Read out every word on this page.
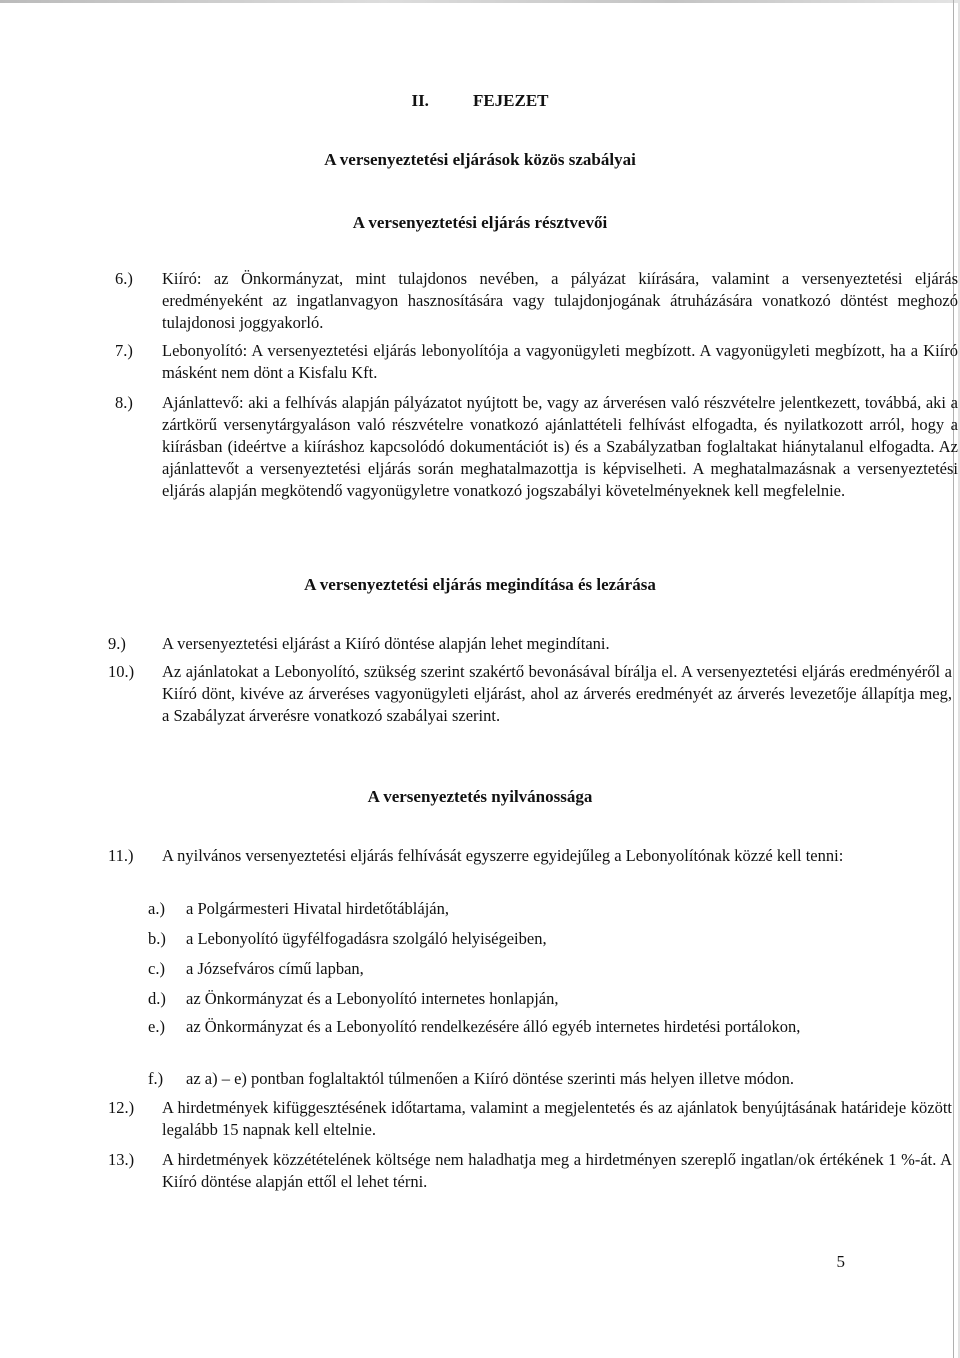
II.	FEJEZET
A versenyeztetési eljárások közös szabályai
A versenyeztetési eljárás résztvevői
6.) Kiíró: az Önkormányzat, mint tulajdonos nevében, a pályázat kiírására, valamint a versenyeztetési eljárás eredményeként az ingatlanvagyon hasznosítására vagy tulajdonjogának átruházására vonatkozó döntést meghozó tulajdonosi joggyakorló.
7.) Lebonyolító: A versenyeztetési eljárás lebonyolítója a vagyonügyleti megbízott. A vagyonügyleti megbízott, ha a Kiíró másként nem dönt a Kisfalu Kft.
8.) Ajánlattevő: aki a felhívás alapján pályázatot nyújtott be, vagy az árverésen való részvételre jelentkezett, továbbá, aki a zártkörű versenytárgyaláson való részvételre vonatkozó ajánlattételi felhívást elfogadta, és nyilatkozott arról, hogy a kiírásban (ideértve a kiíráshoz kapcsolódó dokumentációt is) és a Szabályzatban foglaltakat hiánytalanul elfogadta. Az ajánlattevőt a versenyeztetési eljárás során meghatalmazottja is képviselheti. A meghatalmazásnak a versenyeztetési eljárás alapján megkötendő vagyonügyletre vonatkozó jogszabályi követelményeknek kell megfelelnie.
A versenyeztetési eljárás megindítása és lezárása
9.) A versenyeztetési eljárást a Kiíró döntése alapján lehet megindítani.
10.) Az ajánlatokat a Lebonyolító, szükség szerint szakértő bevonásával bírálja el. A versenyeztetési eljárás eredményéről a Kiíró dönt, kivéve az árveréses vagyonügyleti eljárást, ahol az árverés eredményét az árverés levezetője állapítja meg, a Szabályzat árverésre vonatkozó szabályai szerint.
A versenyeztetés nyilvánossága
11.) A nyilvános versenyeztetési eljárás felhívását egyszerre egyidejűleg a Lebonyolítónak közzé kell tenni:
a.) a Polgármesteri Hivatal hirdetőtábláján,
b.) a Lebonyolító ügyfélfogadásra szolgáló helyiségeiben,
c.) a Józsefváros című lapban,
d.) az Önkormányzat és a Lebonyolító internetes honlapján,
e.) az Önkormányzat és a Lebonyolító rendelkezésére álló egyéb internetes hirdetési portálokon,
f.) az a) – e) pontban foglaltaktól túlmenően a Kiíró döntése szerinti más helyen illetve módon.
12.) A hirdetmények kifüggesztésének időtartama, valamint a megjelentetés és az ajánlatok benyújtásának határideje között legalább 15 napnak kell eltelnie.
13.) A hirdetmények közzétételének költsége nem haladhatja meg a hirdetményen szereplő ingatlan/ok értékének 1 %-át. A Kiíró döntése alapján ettől el lehet térni.
5
